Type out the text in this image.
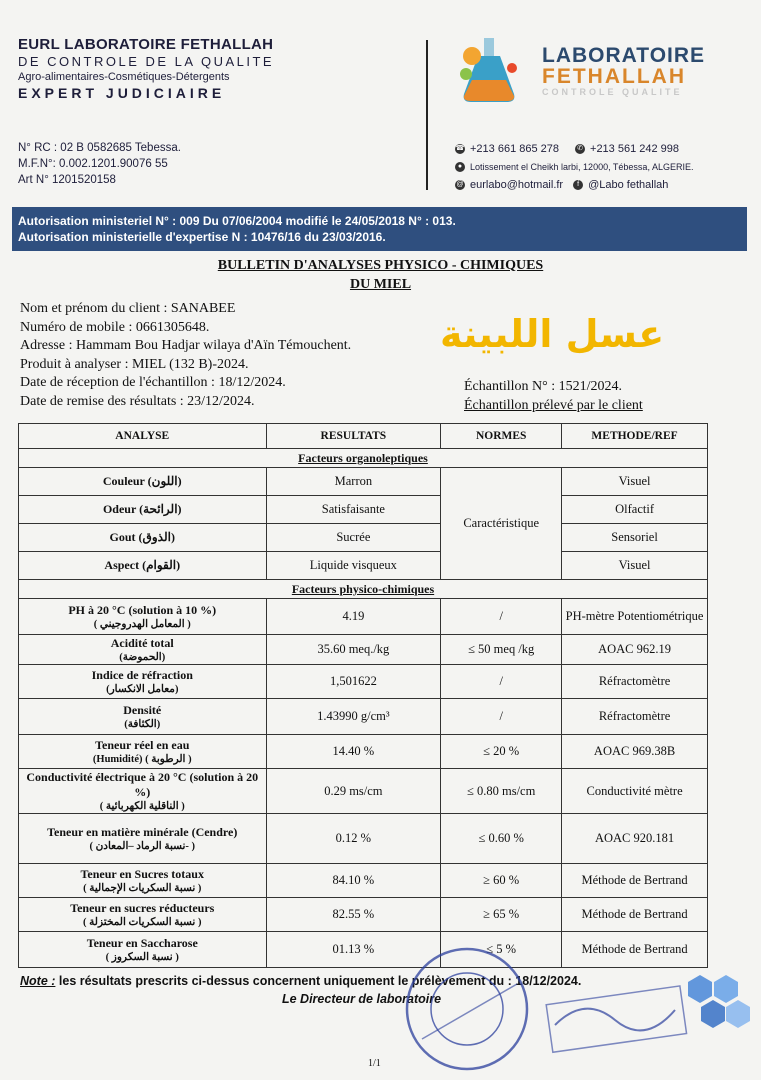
EURL LABORATOIRE FETHALLAH
DE CONTROLE DE LA QUALITE
Agro-alimentaires-Cosmétiques-Détergents
EXPERT JUDICIAIRE
N° RC : 02 B 0582685 Tebessa.
M.F.N°: 0.002.1201.90076 55
Art N° 1201520158
LABORATOIRE
FETHALLAH
CONTROLE QUALITE
☎ +213 661 865 278	✆ +213 561 242 998
● Lotissement el Cheikh larbi, 12000, Tébessa, ALGERIE.
@ eurlabo@hotmail.fr	f @Labo fethallah
Autorisation ministeriel N° : 009 Du 07/06/2004 modifié le 24/05/2018 N° : 013.
Autorisation ministerielle d'expertise N : 10476/16 du 23/03/2016.
BULLETIN D'ANALYSES PHYSICO - CHIMIQUES
DU MIEL
Nom et prénom du client : SANABEE
Numéro de mobile : 0661305648.
Adresse : Hammam Bou Hadjar wilaya d'Aïn Témouchent.
Produit à analyser : MIEL (132 B)-2024.
Date de réception de l'échantillon : 18/12/2024.
Date de remise des résultats : 23/12/2024.
عسل اللبينة
Échantillon N° : 1521/2024.
Échantillon prélevé par le client
ANALYSE	RESULTATS	NORMES	METHODE/REF
Facteurs organoleptiques			
Couleur (اللون)	Marron	Caractéristique	Visuel
Odeur (الرائحة)	Satisfaisante		Olfactif
Gout (الذوق)	Sucrée		Sensoriel
Aspect (القوام)	Liquide visqueux		Visuel
Facteurs physico-chimiques			

PH à 20 °C (solution à 10 %)
( المعامل الهدروجيني )	4.19	/	PH-mètre Potentiométrique

Acidité total
(الحموضة)	35.60 meq./kg	≤ 50 meq /kg	AOAC 962.19

Indice de réfraction
(معامل الانكسار)	1,501622	/	Réfractomètre

Densité
(الكثافة)	1.43990 g/cm³	/	Réfractomètre

Teneur réel en eau
(Humidité) ( الرطوبة )	14.40 %	≤ 20 %	AOAC 969.38B

Conductivité électrique à 20 °C (solution à 20 %)
( الناقلية الكهربائية )	0.29 ms/cm	≤ 0.80 ms/cm	Conductivité mètre

Teneur en matière minérale (Cendre)
( نسبة الرماد –المعادن- )	0.12 %	≤ 0.60 %	AOAC 920.181

Teneur en Sucres totaux
( نسبة السكريات الإجمالية )	84.10 %	≥ 60 %	Méthode de Bertrand

Teneur en sucres réducteurs
( نسبة السكريات المختزلة )	82.55 %	≥ 65 %	Méthode de Bertrand

Teneur en Saccharose
( نسبة السكروز )	01.13 %	≤ 5 %	Méthode de Bertrand
Note : les résultats prescrits ci-dessus concernent uniquement le prélèvement du : 18/12/2024.
Le Directeur de laboratoire
1/1
